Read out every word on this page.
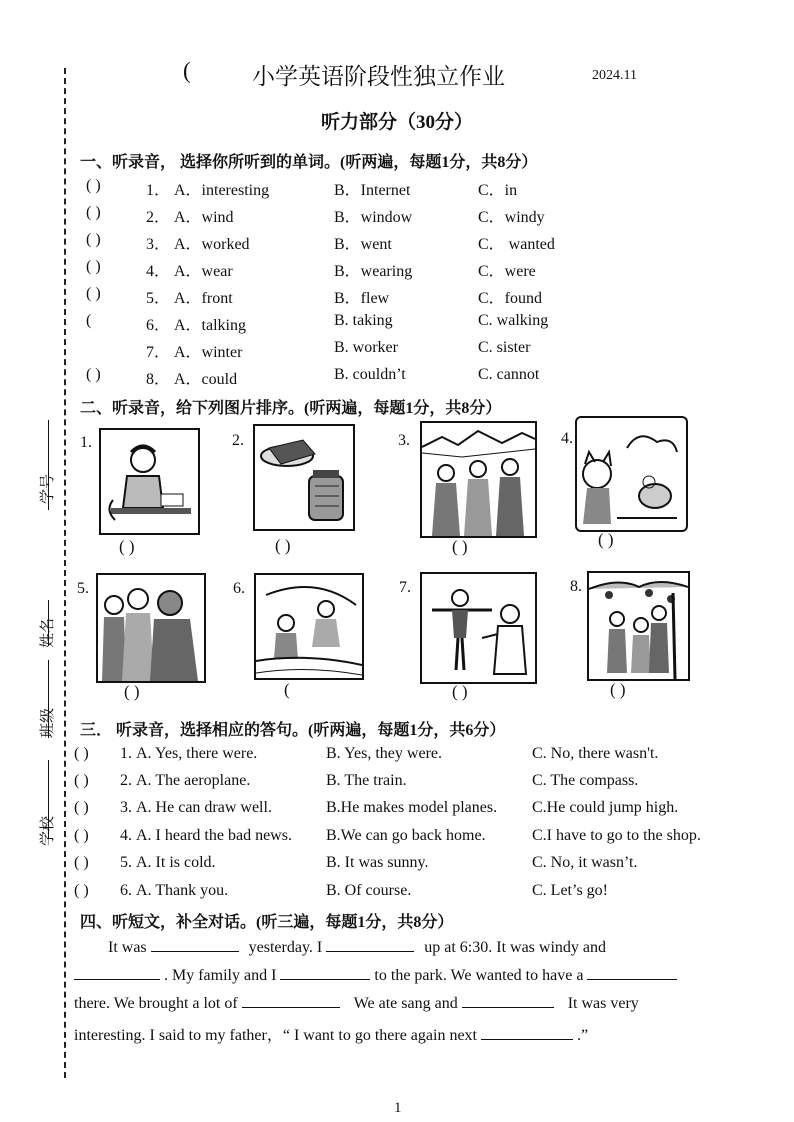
学号
姓名
班级
学校
(	小学英语阶段性独立作业	2024.11
听力部分（30分）
一、听录音， 选择你所听到的单词。(听两遍，每题1分，共8分）
( )	1． A．interesting	B．Internet	C．in
( )	2． A．wind	B．window	C．windy
( )	3． A．worked	B．went	C． wanted
( )	4． A．wear	B．wearing	C．were
( )	5． A．front	B．flew	C．found
(	6． A．talking	B. taking	C. walking
7． A．winter	B. worker	C. sister
( )	8． A．could	B. couldn’t	C. cannot
二、听录音，给下列图片排序。(听两遍，每题1分，共8分）
1.
( )
2.
( )
3.
( )
4.
( )
5.
( )
6.
(
7.
( )
8.
( )
三． 听录音，选择相应的答句。(听两遍，每题1分，共6分）
( ) 1. A. Yes, there were.	B. Yes, they were.	C. No, there wasn't.
( ) 2. A. The aeroplane.	B. The train.	C. The compass.
( ) 3. A. He can draw well.	B.He makes model planes. C.He could jump high.
( ) 4. A. I heard the bad news. B.We can go back home.	C.I have to go to the shop.
( ) 5. A. It is cold.	B. It was sunny.	C. No, it wasn’t.
( ) 6. A. Thank you.	B. Of course.	C. Let’s go!
四、听短文，补全对话。(听三遍，每题1分，共8分）
It was	yesterday. I	up at 6:30. It was windy and
. My family and I	to the park. We wanted to have a
there. We brought a lot of	We ate sang and	It was very
interesting. I said to my father，“ I want to go there again next	.”
1
